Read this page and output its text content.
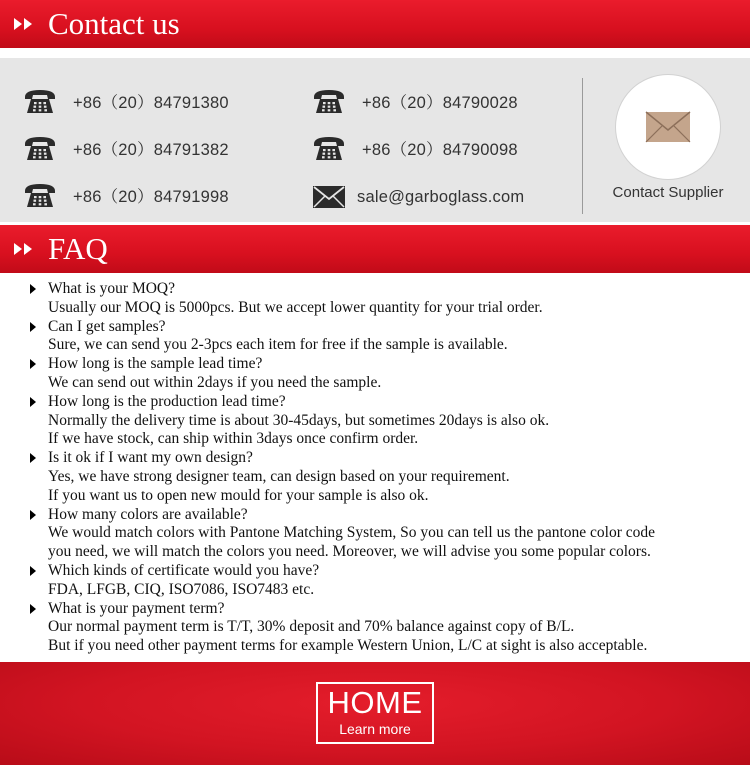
Contact us
+86（20）84791380
+86（20）84791382
+86（20）84791998
+86（20）84790028
+86（20）84790098
sale@garboglass.com	Contact Supplier
FAQ
What is your MOQ?
Usually our MOQ is 5000pcs. But we accept lower quantity for your trial order.
Can I get samples?
Sure, we can send you 2-3pcs each item for free if the sample is available.
How long is the sample lead time?
We can send out within 2days if you need the sample.
How long is the production lead time?
Normally the delivery time is about 30-45days, but sometimes 20days is also ok.
If we have stock, can ship within 3days once confirm order.
Is it ok if I want my own design?
Yes, we have strong designer team, can design based on your requirement.
If you want us to open new mould for your sample is also ok.
How many colors are available?
We would match colors with Pantone Matching System, So you can tell us the pantone color code
you need, we will match the colors you need. Moreover, we will advise you some popular colors.
Which kinds of certificate would you have?
FDA, LFGB, CIQ, ISO7086, ISO7483 etc.
What is your payment term?
Our normal payment term is T/T, 30% deposit and 70% balance against copy of B/L.
But if you need other payment terms for example Western Union, L/C at sight is also acceptable.
HOME
Learn more
